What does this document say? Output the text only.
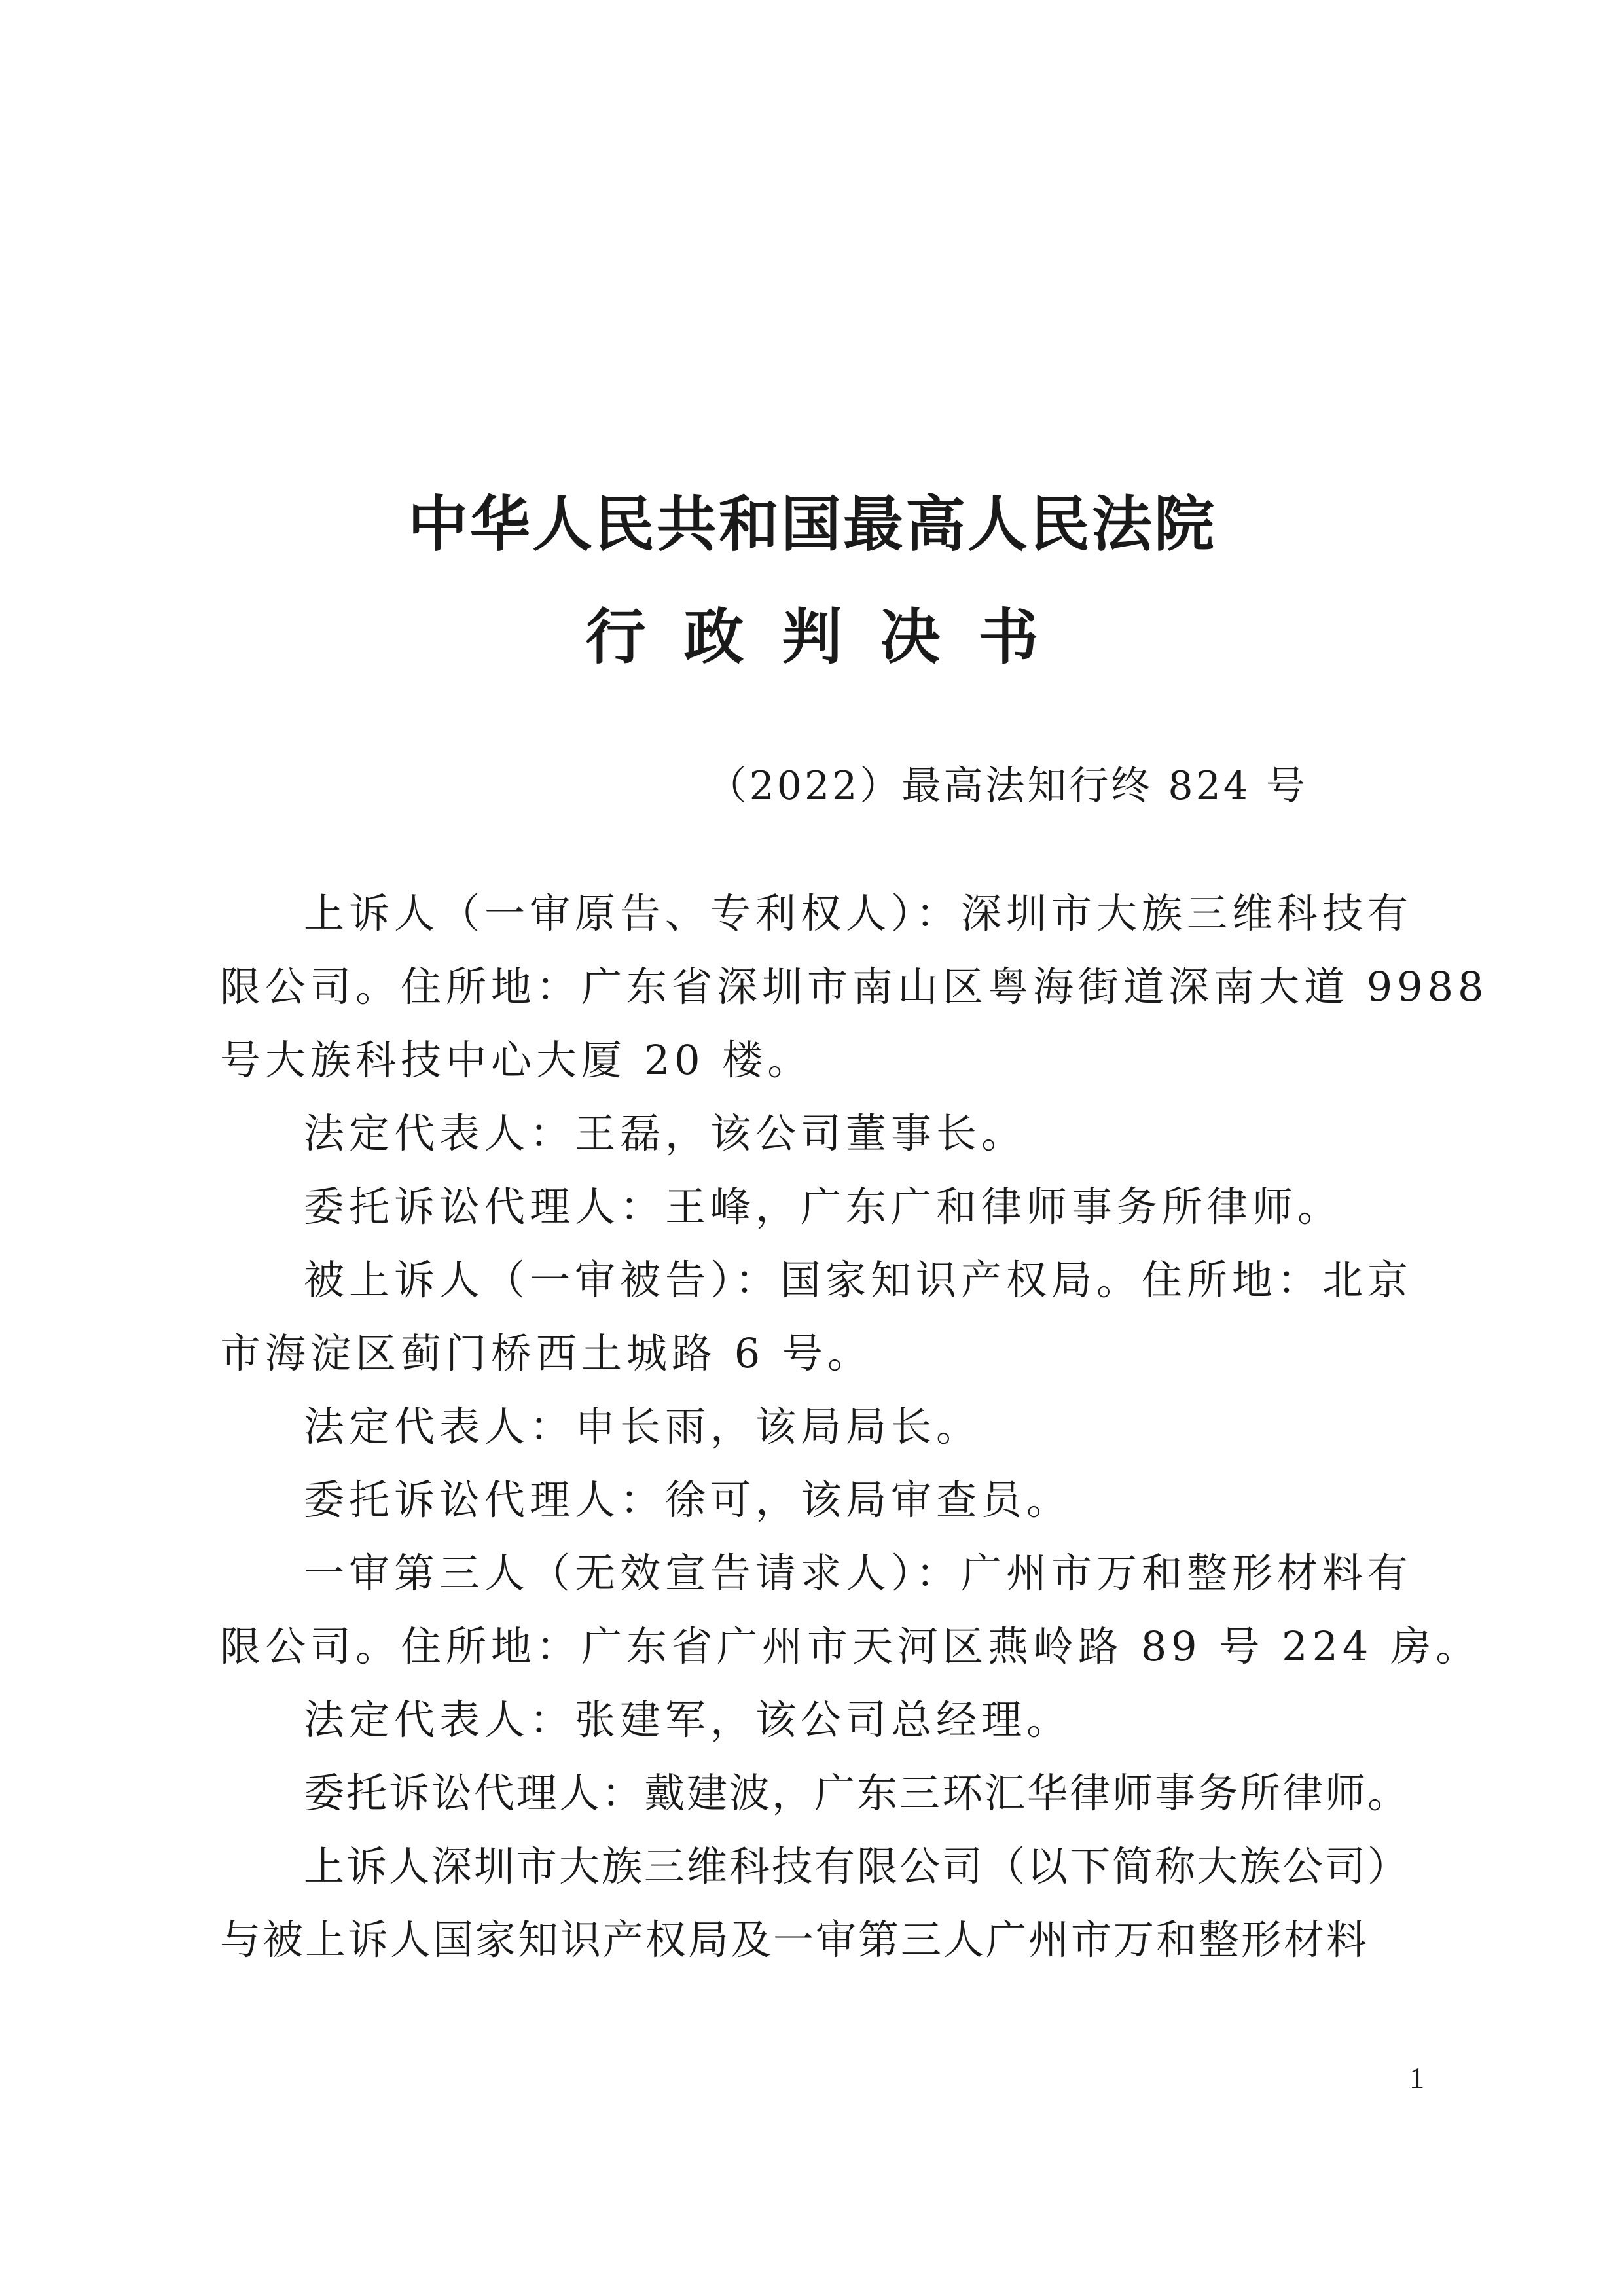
中华人民共和国最高人民法院
行政判决书
（2022）最高法知行终 824 号
上诉人（一审原告、专利权人）：深圳市大族三维科技有
限公司。住所地：广东省深圳市南山区粤海街道深南大道 9988
号大族科技中心大厦 20 楼。
法定代表人：王磊，该公司董事长。
委托诉讼代理人：王峰，广东广和律师事务所律师。
被上诉人（一审被告）：国家知识产权局。住所地：北京
市海淀区蓟门桥西土城路 6 号。
法定代表人：申长雨，该局局长。
委托诉讼代理人：徐可，该局审查员。
一审第三人（无效宣告请求人）：广州市万和整形材料有
限公司。住所地：广东省广州市天河区燕岭路 89 号 224 房。
法定代表人：张建军，该公司总经理。
委托诉讼代理人：戴建波，广东三环汇华律师事务所律师。
上诉人深圳市大族三维科技有限公司（以下简称大族公司）
与被上诉人国家知识产权局及一审第三人广州市万和整形材料
1
